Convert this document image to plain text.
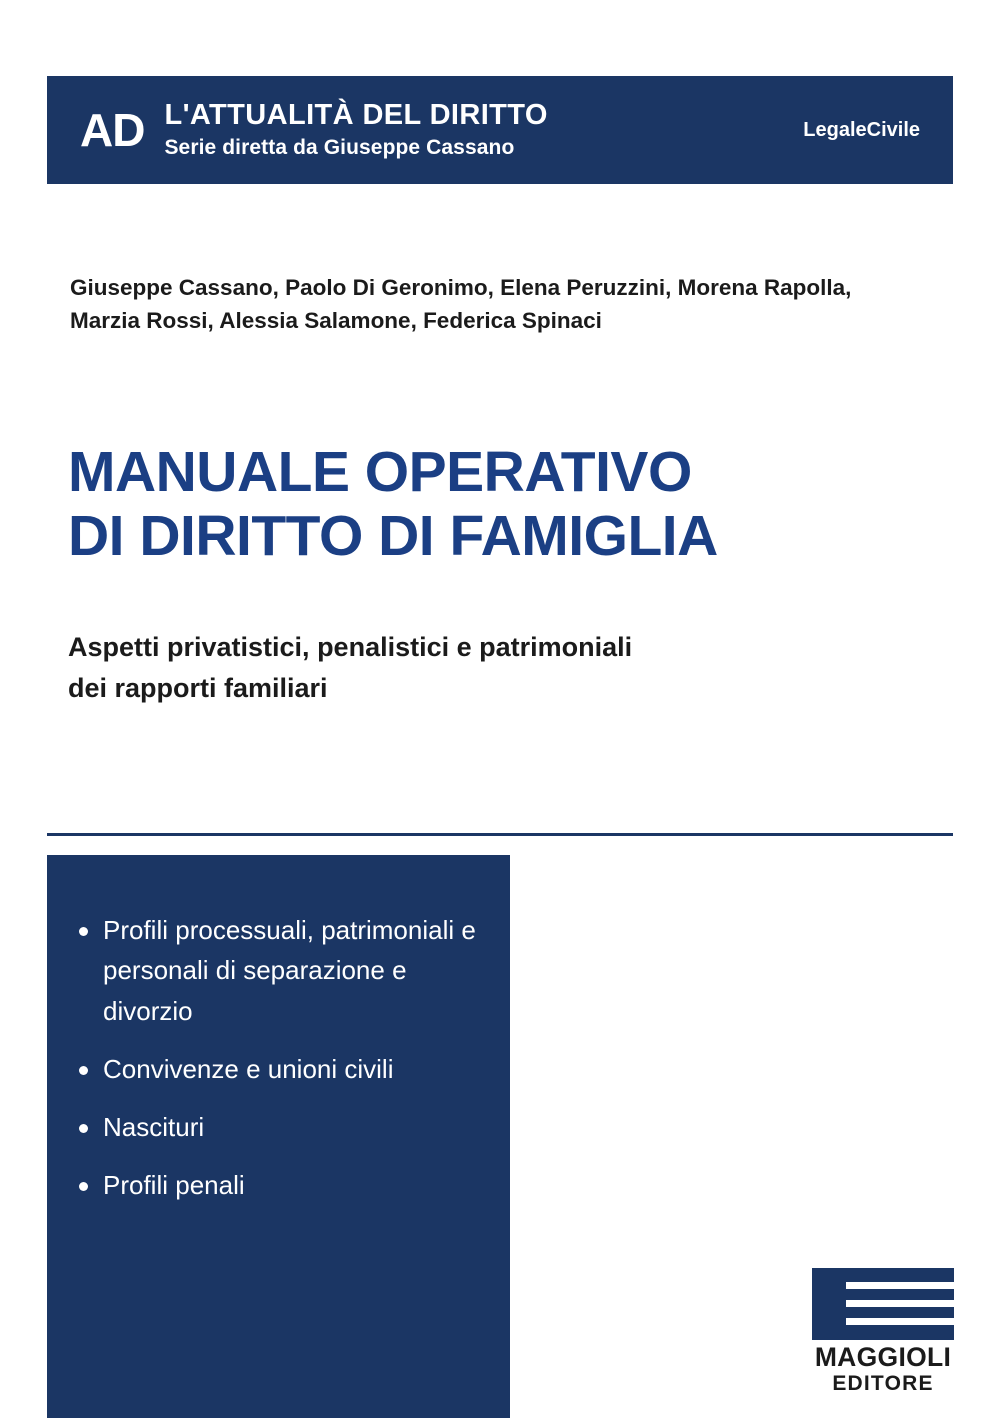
AD L'ATTUALITÀ DEL DIRITTO
Serie diretta da Giuseppe Cassano
LegaleCivile
Giuseppe Cassano, Paolo Di Geronimo, Elena Peruzzini, Morena Rapolla,
Marzia Rossi, Alessia Salamone, Federica Spinaci
MANUALE OPERATIVO
DI DIRITTO DI FAMIGLIA
Aspetti privatistici, penalistici e patrimoniali
dei rapporti familiari
Profili processuali, patrimoniali e personali di separazione e divorzio
Convivenze e unioni civili
Nascituri
Profili penali
MAGGIOLI
EDITORE
